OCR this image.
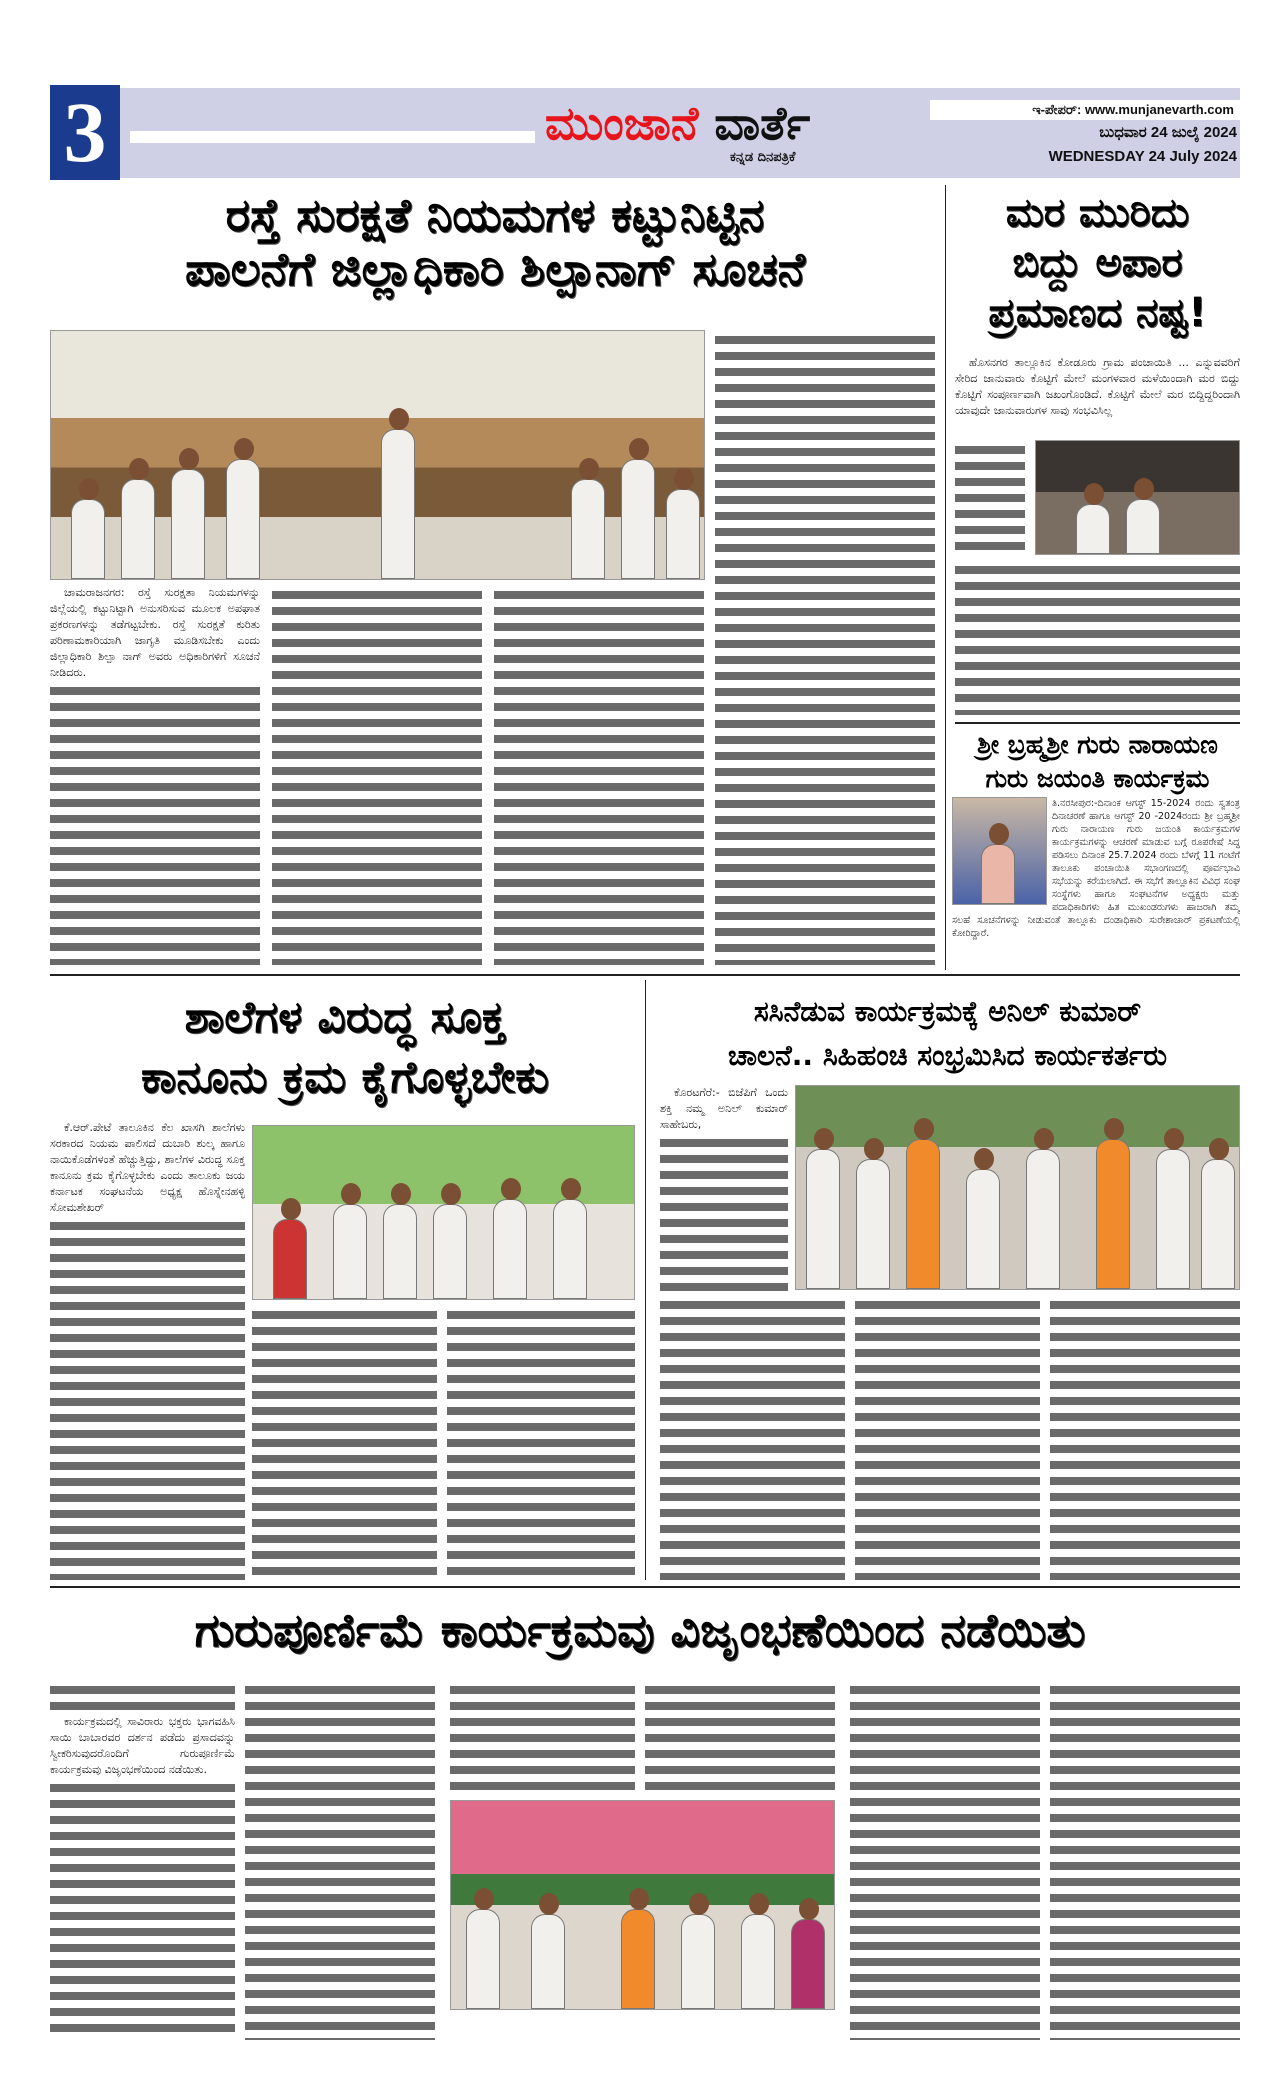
3	ಮುಂಜಾನೆ ವಾರ್ತೆ
ಕನ್ನಡ ದಿನಪತ್ರಿಕೆ
ಇ-ಪೇಪರ್: www.munjanevarth.com
ಬುಧವಾರ 24 ಜುಲೈ 2024
WEDNESDAY 24 July 2024
ರಸ್ತೆ ಸುರಕ್ಷತೆ ನಿಯಮಗಳ ಕಟ್ಟುನಿಟ್ಟಿನ
ಪಾಲನೆಗೆ ಜಿಲ್ಲಾಧಿಕಾರಿ ಶಿಲ್ಪಾನಾಗ್ ಸೂಚನೆ

ಚಾಮರಾಜನಗರ: ರಸ್ತೆ ಸುರಕ್ಷತಾ ನಿಯಮಗಳನ್ನು ಜಿಲ್ಲೆಯಲ್ಲಿ ಕಟ್ಟುನಿಟ್ಟಾಗಿ ಅನುಸರಿಸುವ ಮೂಲಕ ಅಪಘಾತ ಪ್ರಕರಣಗಳನ್ನು ತಡೆಗಟ್ಟಬೇಕು. ರಸ್ತೆ ಸುರಕ್ಷತೆ ಕುರಿತು ಪರಿಣಾಮಕಾರಿಯಾಗಿ ಜಾಗೃತಿ ಮೂಡಿಸಬೇಕು ಎಂದು ಜಿಲ್ಲಾಧಿಕಾರಿ ಶಿಲ್ಪಾ ನಾಗ್ ಅವರು ಅಧಿಕಾರಿಗಳಿಗೆ ಸೂಚನೆ ನೀಡಿದರು.

ಮರ ಮುರಿದು
ಬಿದ್ದು ಅಪಾರ
ಪ್ರಮಾಣದ ನಷ್ಟ!

ಹೊಸನಗರ ತಾಲ್ಲೂಕಿನ ಕೋಡೂರು ಗ್ರಾಮ ಪಂಚಾಯಿತಿ ... ಎನ್ನುವವರಿಗೆ ಸೇರಿದ ಜಾನುವಾರು ಕೊಟ್ಟಿಗೆ ಮೇಲೆ ಮಂಗಳವಾರ ಮಳೆಯಿಂದಾಗಿ ಮರ ಬಿದ್ದು ಕೊಟ್ಟಿಗೆ ಸಂಪೂರ್ಣವಾಗಿ ಜಖಂಗೊಂಡಿದೆ. ಕೊಟ್ಟಿಗೆ ಮೇಲೆ ಮರ ಬಿದ್ದಿದ್ದರಿಂದಾಗಿ ಯಾವುದೇ ಜಾನುವಾರುಗಳ ಸಾವು ಸಂಭವಿಸಿಲ್ಲ

ಶ್ರೀ ಬ್ರಹ್ಮಶ್ರೀ ಗುರು ನಾರಾಯಣ
ಗುರು ಜಯಂತಿ ಕಾರ್ಯಕ್ರಮ
ತಿ.ನರಸೀಪುರ:-ದಿನಾಂಕ ಆಗಸ್ಟ್ 15-2024 ರಂದು ಸ್ವತಂತ್ರ ದಿನಾಚರಣೆ ಹಾಗೂ ಆಗಸ್ಟ್ 20 -2024ರಂದು ಶ್ರೀ ಬ್ರಹ್ಮಶ್ರೀ ಗುರು ನಾರಾಯಣ ಗುರು ಜಯಂತಿ ಕಾರ್ಯಕ್ರಮಗಳ ಕಾರ್ಯಕ್ರಮಗಳನ್ನು ಆಚರಣೆ ಮಾಡುವ ಬಗ್ಗೆ ರೂಪರೇಷೆ ಸಿದ್ಧ ಪಡಿಸಲು ದಿನಾಂಕ 25.7.2024 ರಂದು ಬೆಳಗ್ಗೆ 11 ಗಂಟೆಗೆ ತಾಲೂಕು ಪಂಚಾಯಿತಿ ಸಭಾಂಗಣದಲ್ಲಿ ಪೂರ್ವಭಾವಿ ಸಭೆಯನ್ನು ಕರೆಯಲಾಗಿದೆ. ಈ ಸಭೆಗೆ ತಾಲ್ಲೂಕಿನ ವಿವಿಧ ಸಂಘ ಸಂಸ್ಥೆಗಳು ಹಾಗೂ ಸಂಘಟನೆಗಳ ಅಧ್ಯಕ್ಷರು ಮತ್ತು ಪದಾಧಿಕಾರಿಗಳು ಹಿತ ಮುಖಂಡರುಗಳು ಹಾಜರಾಗಿ ತಮ್ಮ ಸಲಹೆ ಸೂಚನೆಗಳನ್ನು ನೀಡುವಂತೆ ತಾಲ್ಲೂಕು ದಂಡಾಧಿಕಾರಿ ಸುರೇಶಾಚಾರ್ ಪ್ರಕಟಣೆಯಲ್ಲಿ ಕೋರಿದ್ದಾರೆ.
ಶಾಲೆಗಳ ವಿರುದ್ಧ ಸೂಕ್ತ
ಕಾನೂನು ಕ್ರಮ ಕೈಗೊಳ್ಳಬೇಕು

ಕೆ.ಆರ್.ಪೇಟೆ ತಾಲೂಕಿನ ಕೆಲ ಖಾಸಗಿ ಶಾಲೆಗಳು ಸರಕಾರದ ನಿಯಮ ಪಾಲಿಸದೆ ದುಬಾರಿ ಶುಲ್ಕ ಹಾಗೂ ನಾಯಿಕೊಡೆಗಳಂತೆ ಹೆಚ್ಚುತ್ತಿದ್ದು, ಶಾಲೆಗಳ ವಿರುದ್ಧ ಸೂಕ್ತ ಕಾನೂನು ಕ್ರಮ ಕೈಗೊಳ್ಳಬೇಕು ಎಂದು ತಾಲೂಕು ಜಯ ಕರ್ನಾಟಕ ಸಂಘಟನೆಯ ಅಧ್ಯಕ್ಷ ಹೊಸ್ನೇನಹಳ್ಳಿ ಸೋಮಶೇಖರ್

ಸಸಿನೆಡುವ ಕಾರ್ಯಕ್ರಮಕ್ಕೆ ಅನಿಲ್ ಕುಮಾರ್
ಚಾಲನೆ.. ಸಿಹಿಹಂಚಿ ಸಂಭ್ರಮಿಸಿದ ಕಾರ್ಯಕರ್ತರು

ಕೊರಟಗೆರೆ:- ಬಿಜೆಪಿಗೆ ಒಂದು ಶಕ್ತಿ ನಮ್ಮ ಅನಿಲ್ ಕುಮಾರ್ ಸಾಹೇಬರು,

ಗುರುಪೂರ್ಣಿಮೆ ಕಾರ್ಯಕ್ರಮವು ವಿಜೃಂಭಣೆಯಿಂದ ನಡೆಯಿತು

ಕಾರ್ಯಕ್ರಮದಲ್ಲಿ ಸಾವಿರಾರು ಭಕ್ತರು ಭಾಗವಹಿಸಿ ಸಾಯಿ ಬಾಬಾರವರ ದರ್ಶನ ಪಡೆದು ಪ್ರಸಾದವನ್ನು ಸ್ವೀಕರಿಸುವುದರೊಂದಿಗೆ ಗುರುಪೂರ್ಣಿಮೆ ಕಾರ್ಯಕ್ರಮವು ವಿಜೃಂಭಣೆಯಿಂದ ನಡೆಯಿತು.
